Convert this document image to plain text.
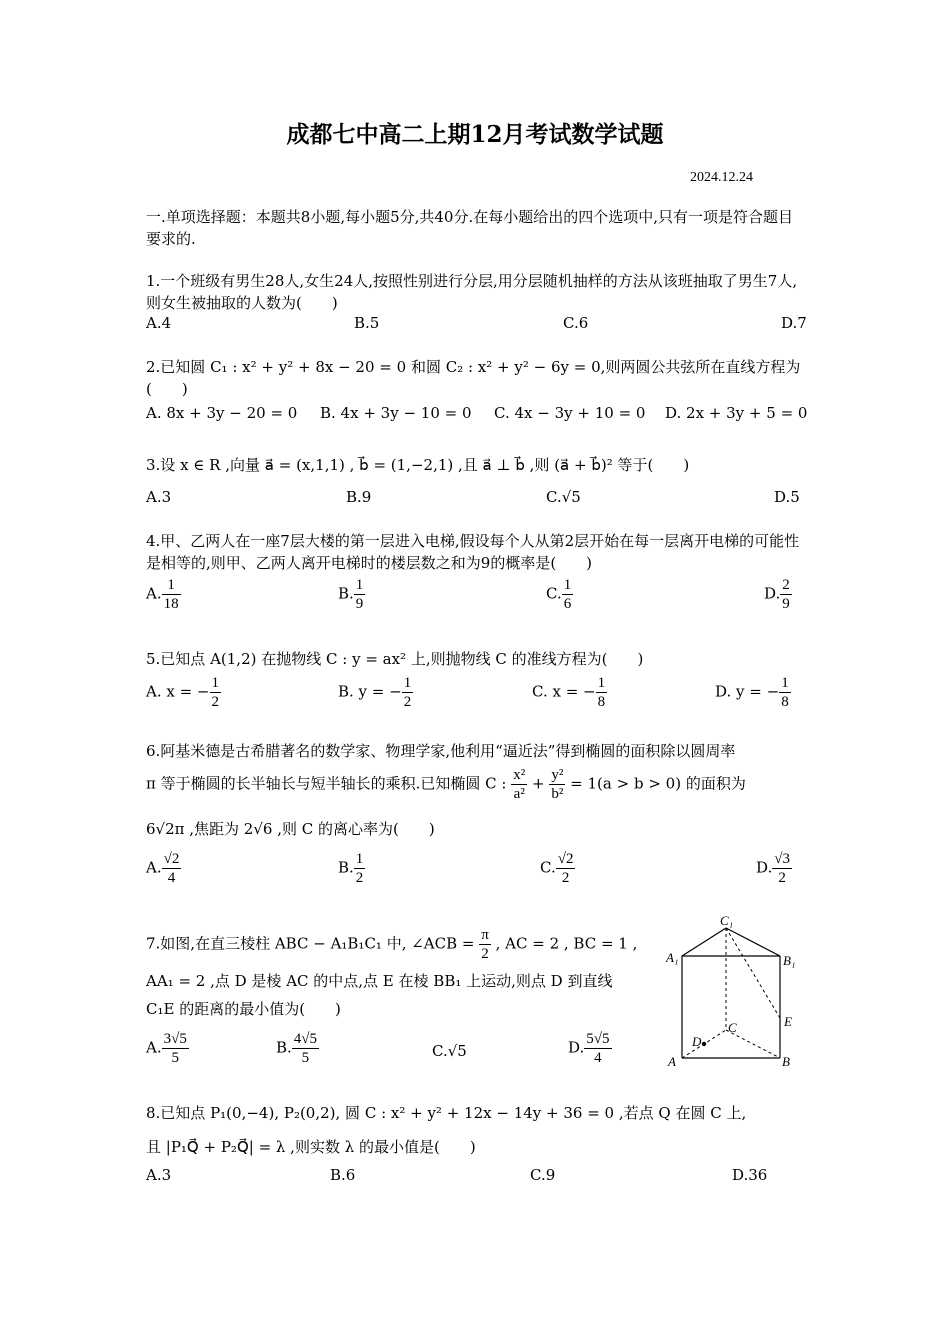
成都七中高二上期12月考试数学试题
2024.12.24
一.单项选择题：本题共8小题,每小题5分,共40分.在每小题给出的四个选项中,只有一项是符合题目要求的.
1.一个班级有男生28人,女生24人,按照性别进行分层,用分层随机抽样的方法从该班抽取了男生7人,则女生被抽取的人数为(　　)
A.4	B.5	C.6	D.7
2.已知圆 C₁ : x² + y² + 8x − 20 = 0 和圆 C₂ : x² + y² − 6y = 0,则两圆公共弦所在直线方程为(　　)
A. 8x + 3y − 20 = 0 B. 4x + 3y − 10 = 0 C. 4x − 3y + 10 = 0 D. 2x + 3y + 5 = 0
3.设 x ∈ R ,向量 a⃗ = (x,1,1) , b⃗ = (1,−2,1) ,且 a⃗ ⊥ b⃗ ,则 (a⃗ + b⃗)² 等于(　　)
A.3	B.9	C.√5	D.5
4.甲、乙两人在一座7层大楼的第一层进入电梯,假设每个人从第2层开始在每一层离开电梯的可能性是相等的,则甲、乙两人离开电梯时的楼层数之和为9的概率是(　　)
A. $\frac{1}{18}$	B. $\frac{1}{9}$	C. $\frac{1}{6}$	D. $\frac{2}{9}$
5.已知点 A(1,2) 在抛物线 C : y = ax² 上,则抛物线 C 的准线方程为(　　)
A. x = − $\frac{1}{2}$	B. y = − $\frac{1}{2}$	C. x = − $\frac{1}{8}$	D. y = − $\frac{1}{8}$
6.阿基米德是古希腊著名的数学家、物理学家,他利用“逼近法”得到椭圆的面积除以圆周率
π 等于椭圆的长半轴长与短半轴长的乘积.已知椭圆 C : $\frac{\text{x²}}{\text{a²}} + \frac{\text{y²}}{\text{b²}} = 1(a > b > 0)$ 的面积为
6√2π ,焦距为 2√6 ,则 C 的离心率为(　　)
A. $\frac{√2}{4}$	B. $\frac{1}{2}$	C. $\frac{√2}{2}$	D. $\frac{√3}{2}$
7.如图,在直三棱柱 ABC − A₁B₁C₁ 中, ∠ACB = $\frac{\pi}{2}$ , AC = 2 , BC = 1 ,
AA₁ = 2 ,点 D 是棱 AC 的中点,点 E 在棱 BB₁ 上运动,则点 D 到直线
C₁E 的距离的最小值为(　　)
A. $\frac{3√5}{5}$	B. $\frac{4√5}{5}$	C.√5	D. $\frac{5√5}{4}$
C₁
A₁	B₁
E
D
C
A	B
8.已知点 P₁(0,−4), P₂(0,2), 圆 C : x² + y² + 12x − 14y + 36 = 0 ,若点 Q 在圆 C 上,
且 |P₁Q⃗ + P₂Q⃗| = λ ,则实数 λ 的最小值是(　　)
A.3	B.6	C.9	D.36
